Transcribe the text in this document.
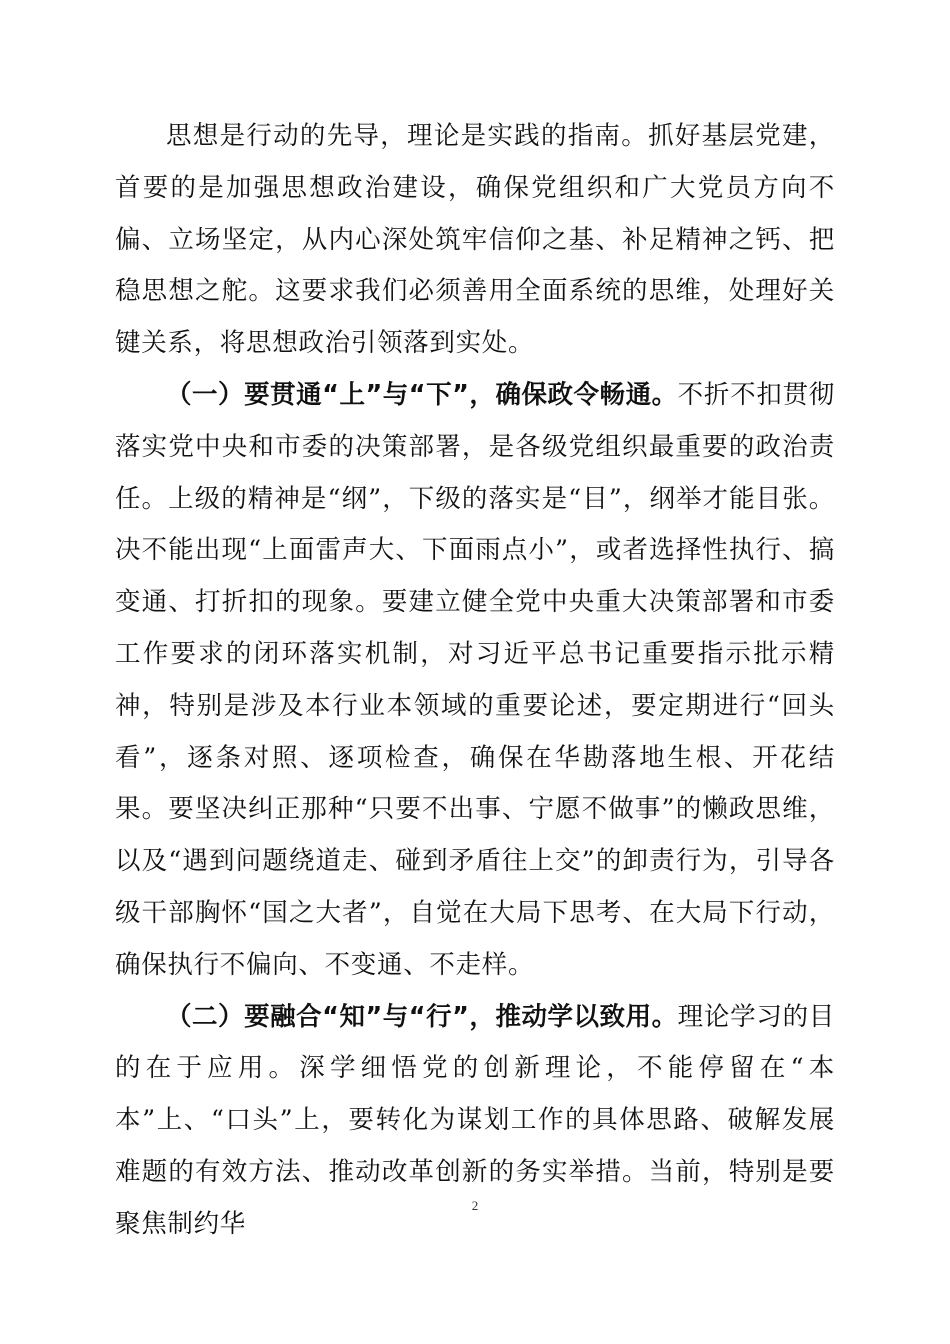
思想是行动的先导，理论是实践的指南。抓好基层党建，首要的是加强思想政治建设，确保党组织和广大党员方向不偏、立场坚定，从内心深处筑牢信仰之基、补足精神之钙、把稳思想之舵。这要求我们必须善用全面系统的思维，处理好关键关系，将思想政治引领落到实处。

（一）要贯通“上”与“下”，确保政令畅通。不折不扣贯彻落实党中央和市委的决策部署，是各级党组织最重要的政治责任。上级的精神是“纲”，下级的落实是“目”，纲举才能目张。决不能出现“上面雷声大、下面雨点小”，或者选择性执行、搞变通、打折扣的现象。要建立健全党中央重大决策部署和市委工作要求的闭环落实机制，对习近平总书记重要指示批示精神，特别是涉及本行业本领域的重要论述，要定期进行“回头看”，逐条对照、逐项检查，确保在华勘落地生根、开花结果。要坚决纠正那种“只要不出事、宁愿不做事”的懒政思维，以及“遇到问题绕道走、碰到矛盾往上交”的卸责行为，引导各级干部胸怀“国之大者”，自觉在大局下思考、在大局下行动，确保执行不偏向、不变通、不走样。

（二）要融合“知”与“行”，推动学以致用。理论学习的目的在于应用。深学细悟党的创新理论，不能停留在“本本”上、“口头”上，要转化为谋划工作的具体思路、破解发展难题的有效方法、推动改革创新的务实举措。当前，特别是要聚焦制约华

2
